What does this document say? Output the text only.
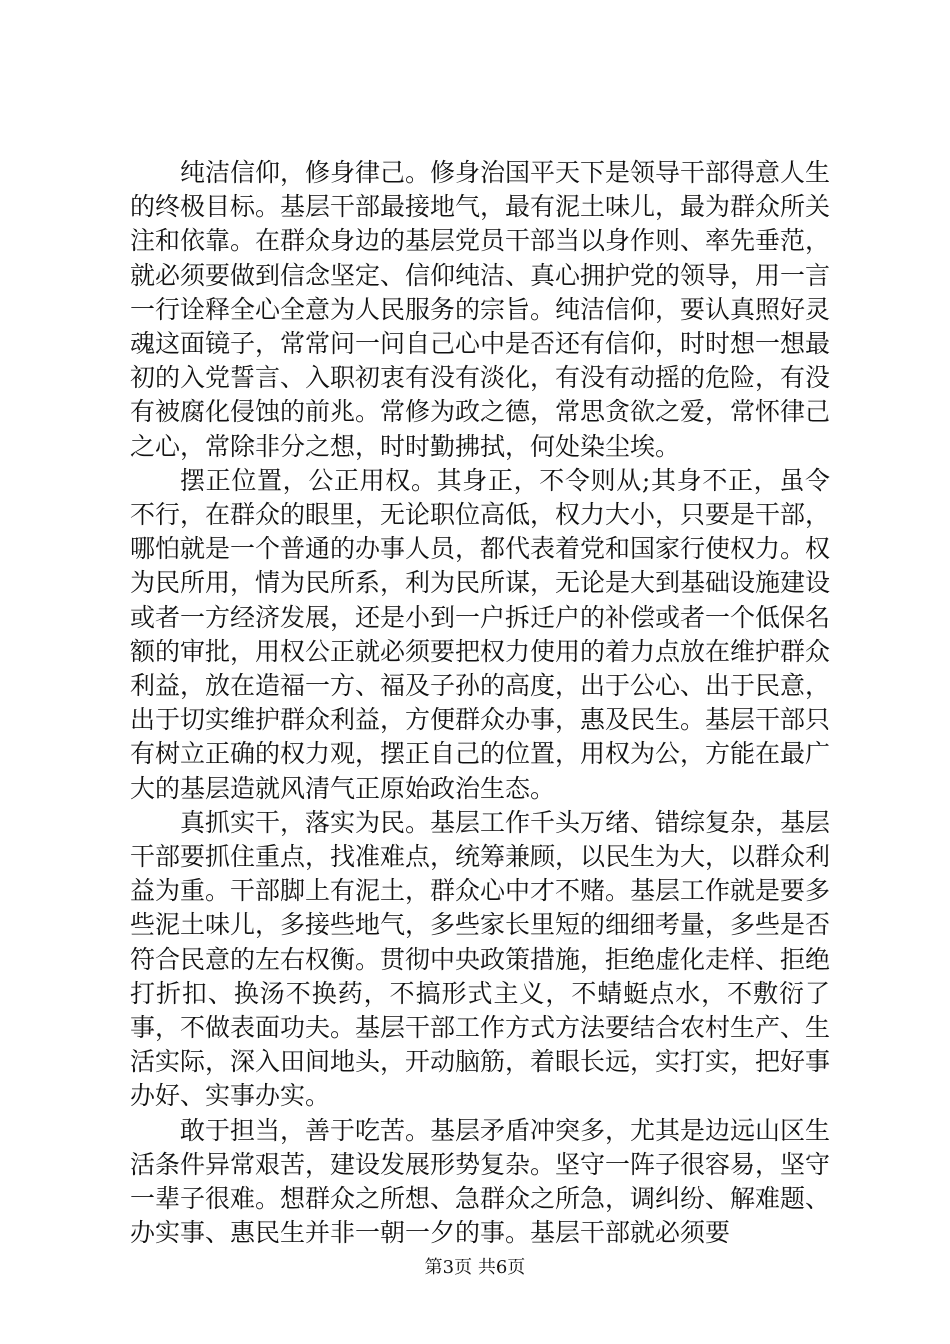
纯洁信仰，修身律己。修身治国平天下是领导干部得意人生的终极目标。基层干部最接地气，最有泥土味儿，最为群众所关注和依靠。在群众身边的基层党员干部当以身作则、率先垂范，就必须要做到信念坚定、信仰纯洁、真心拥护党的领导，用一言一行诠释全心全意为人民服务的宗旨。纯洁信仰，要认真照好灵魂这面镜子，常常问一问自己心中是否还有信仰，时时想一想最初的入党誓言、入职初衷有没有淡化，有没有动摇的危险，有没有被腐化侵蚀的前兆。常修为政之德，常思贪欲之爱，常怀律己之心，常除非分之想，时时勤拂拭，何处染尘埃。

摆正位置，公正用权。其身正，不令则从;其身不正，虽令不行，在群众的眼里，无论职位高低，权力大小，只要是干部，哪怕就是一个普通的办事人员，都代表着党和国家行使权力。权为民所用，情为民所系，利为民所谋，无论是大到基础设施建设或者一方经济发展，还是小到一户拆迁户的补偿或者一个低保名额的审批，用权公正就必须要把权力使用的着力点放在维护群众利益，放在造福一方、福及子孙的高度，出于公心、出于民意，出于切实维护群众利益，方便群众办事，惠及民生。基层干部只有树立正确的权力观，摆正自己的位置，用权为公，方能在最广大的基层造就风清气正原始政治生态。

真抓实干，落实为民。基层工作千头万绪、错综复杂，基层干部要抓住重点，找准难点，统筹兼顾，以民生为大，以群众利益为重。干部脚上有泥土，群众心中才不赌。基层工作就是要多些泥土味儿，多接些地气，多些家长里短的细细考量，多些是否符合民意的左右权衡。贯彻中央政策措施，拒绝虚化走样、拒绝打折扣、换汤不换药，不搞形式主义，不蜻蜓点水，不敷衍了事，不做表面功夫。基层干部工作方式方法要结合农村生产、生活实际，深入田间地头，开动脑筋，着眼长远，实打实，把好事办好、实事办实。

敢于担当，善于吃苦。基层矛盾冲突多，尤其是边远山区生活条件异常艰苦，建设发展形势复杂。坚守一阵子很容易，坚守一辈子很难。想群众之所想、急群众之所急，调纠纷、解难题、办实事、惠民生并非一朝一夕的事。基层干部就必须要

第3页 共6页
